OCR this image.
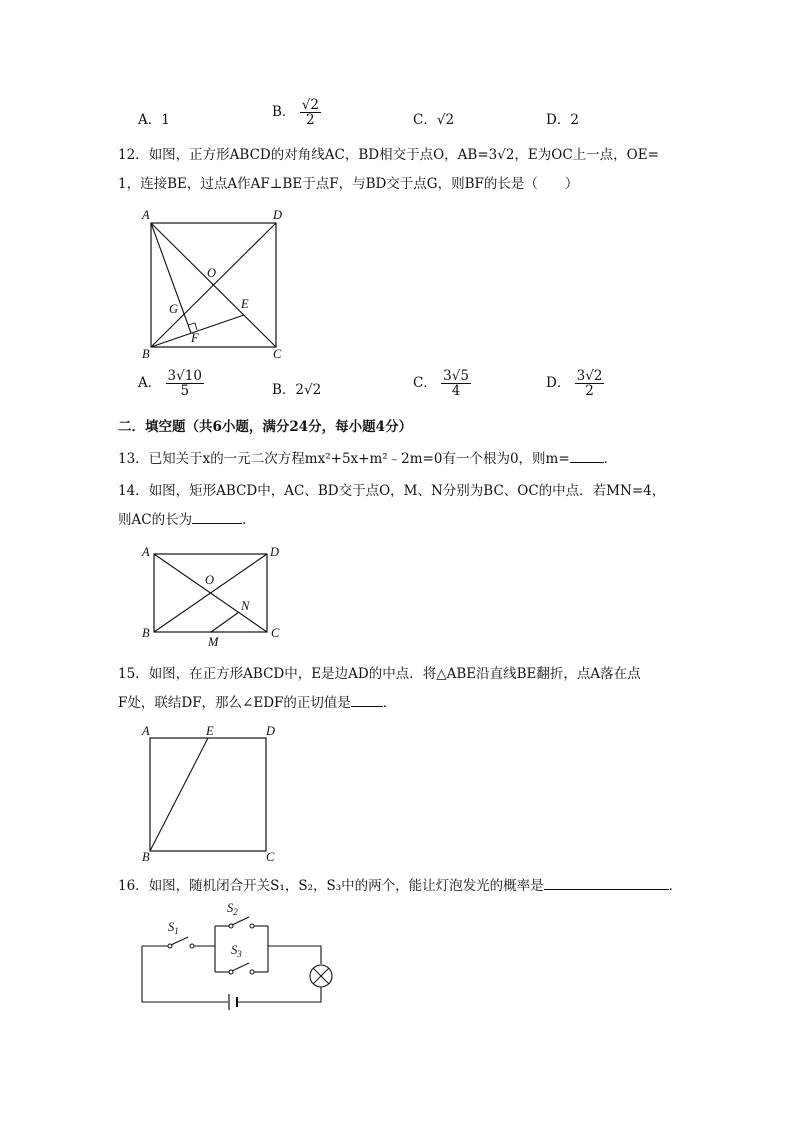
A．1	B． $\frac{√2}{2}$	C．√2	D．2
12．如图，正方形ABCD的对角线AC，BD相交于点O，AB=3√2，E为OC上一点，OE=
1，连接BE，过点A作AF⊥BE于点F，与BD交于点G，则BF的长是（　　）
A	D
B	C
O
E
F
G
A． $\frac{3√10}{5}$	B．2√2	C． $\frac{3√5}{4}$	D． $\frac{3√2}{2}$
二．填空题（共6小题，满分24分，每小题4分）
13．已知关于x的一元二次方程mx²+5x+m²﹣2m=0有一个根为0，则m=	．
14．如图，矩形ABCD中，AC、BD交于点O，M、N分别为BC、OC的中点．若MN=4，
则AC的长为	．
A	D
B	C
O
N
M
15．如图，在正方形ABCD中，E是边AD的中点．将△ABE沿直线BE翻折，点A落在点
F处，联结DF，那么∠EDF的正切值是 ．
A	E	D
B	C
16．如图，随机闭合开关S₁，S₂，S₃中的两个，能让灯泡发光的概率是	．
$S_1$
$S_2$
$S_3$
